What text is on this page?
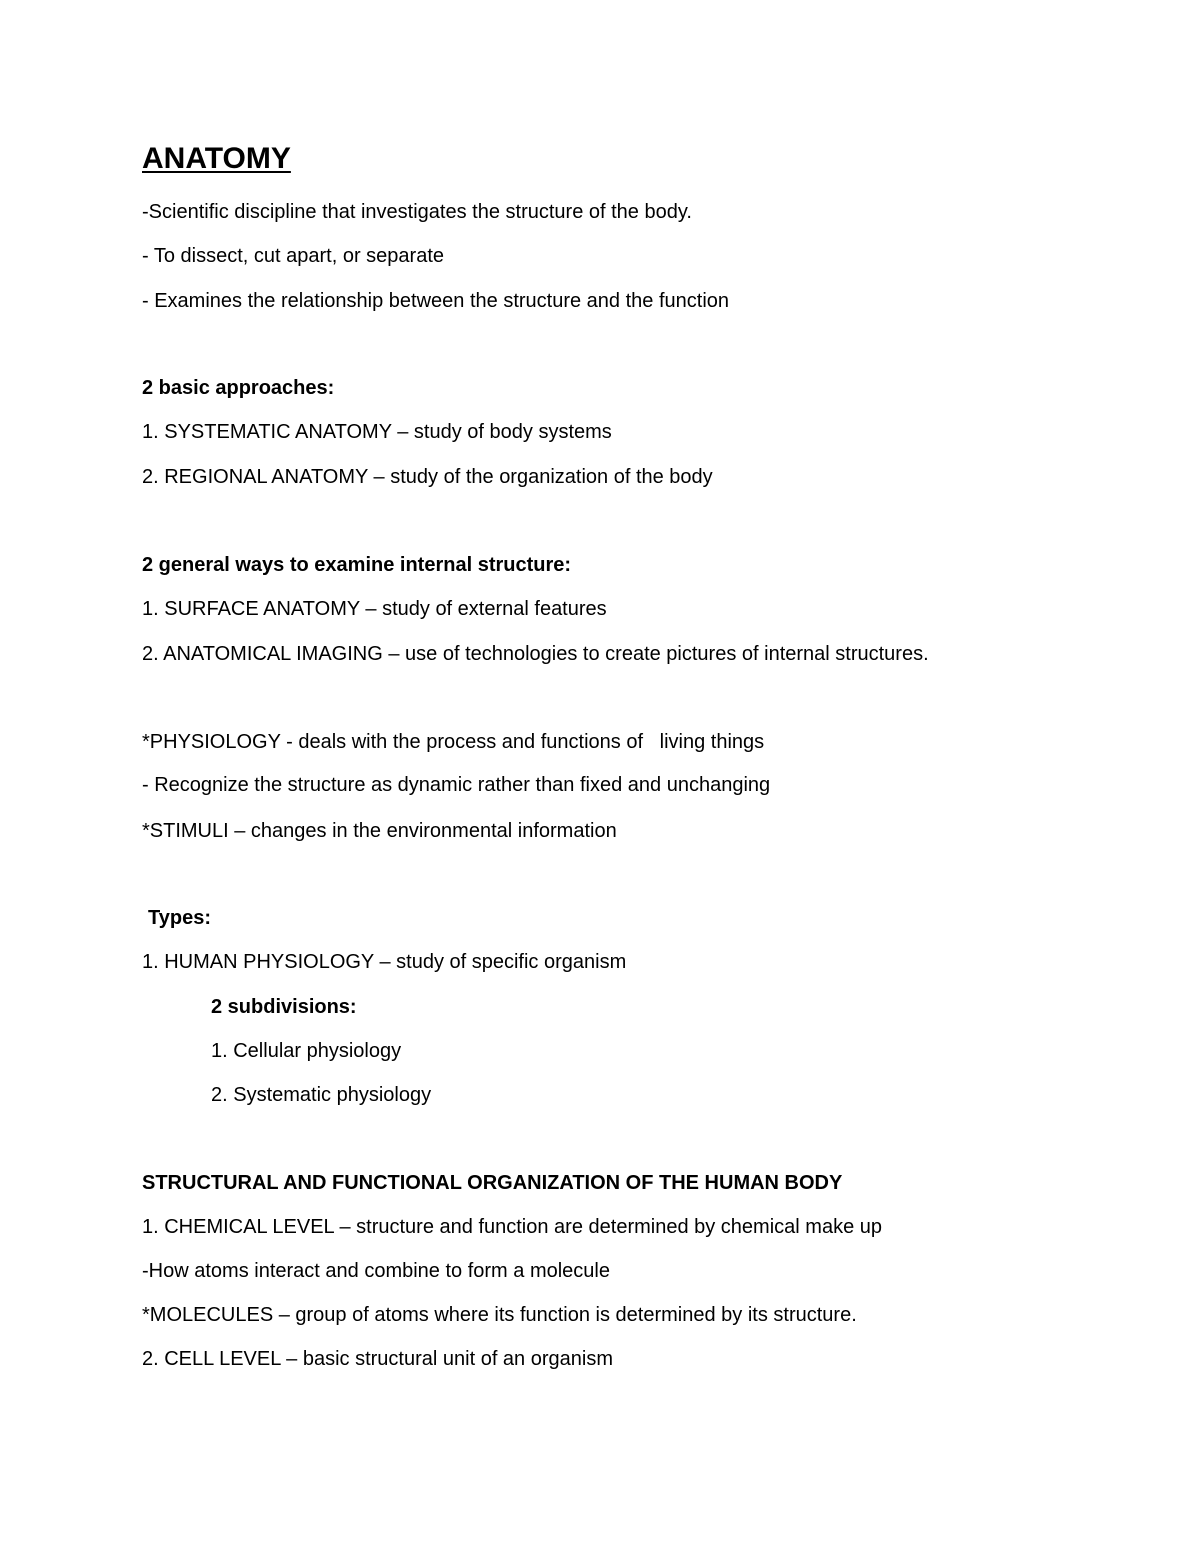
ANATOMY

-Scientific discipline that investigates the structure of the body.

- To dissect, cut apart, or separate

- Examines the relationship between the structure and the function

2 basic approaches:

1. SYSTEMATIC ANATOMY – study of body systems

2. REGIONAL ANATOMY – study of the organization of the body

2 general ways to examine internal structure:

1. SURFACE ANATOMY – study of external features

2. ANATOMICAL IMAGING – use of technologies to create pictures of internal structures.

*PHYSIOLOGY - deals with the process and functions of   living things

- Recognize the structure as dynamic rather than fixed and unchanging

*STIMULI – changes in the environmental information

Types:

1. HUMAN PHYSIOLOGY – study of specific organism

2 subdivisions:

1. Cellular physiology

2. Systematic physiology

STRUCTURAL AND FUNCTIONAL ORGANIZATION OF THE HUMAN BODY

1. CHEMICAL LEVEL – structure and function are determined by chemical make up

-How atoms interact and combine to form a molecule

*MOLECULES – group of atoms where its function is determined by its structure.

2. CELL LEVEL – basic structural unit of an organism
